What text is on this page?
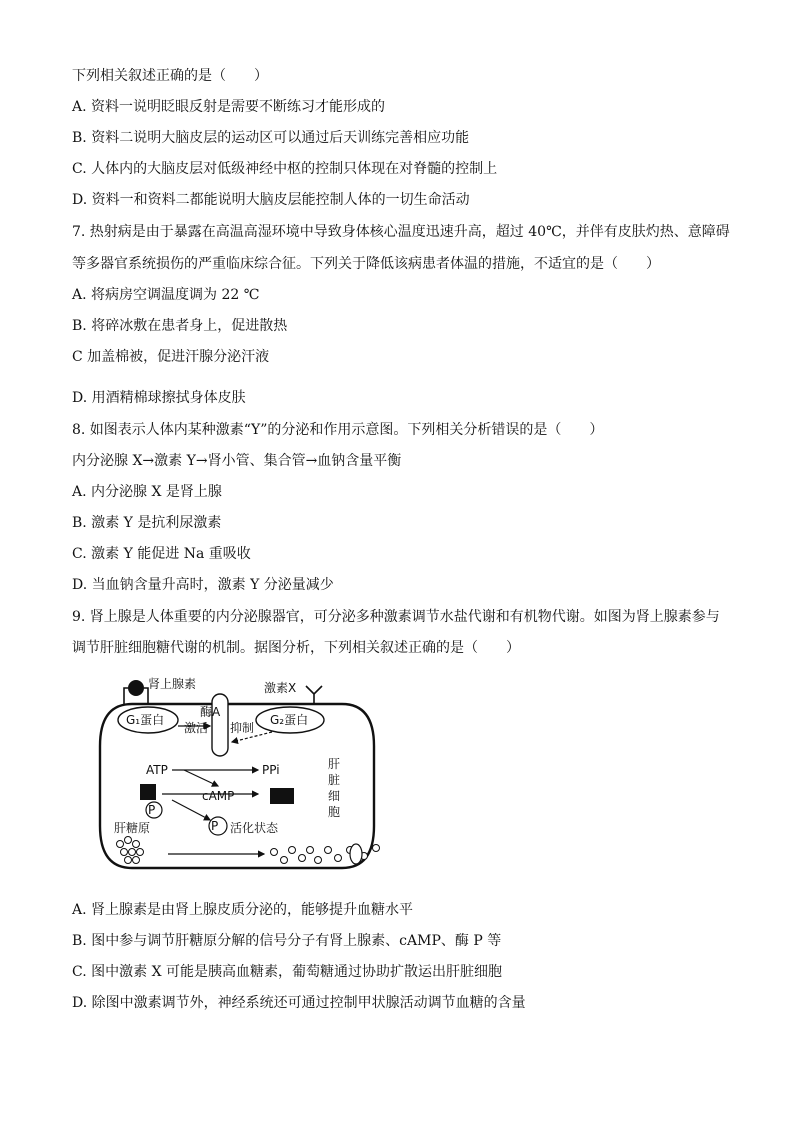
下列相关叙述正确的是（　　）
A. 资料一说明眨眼反射是需要不断练习才能形成的
B. 资料二说明大脑皮层的运动区可以通过后天训练完善相应功能
C. 人体内的大脑皮层对低级神经中枢的控制只体现在对脊髓的控制上
D. 资料一和资料二都能说明大脑皮层能控制人体的一切生命活动
7. 热射病是由于暴露在高温高湿环境中导致身体核心温度迅速升高，超过 40℃，并伴有皮肤灼热、意障碍
等多器官系统损伤的严重临床综合征。下列关于降低该病患者体温的措施，不适宜的是（　　）
A. 将病房空调温度调为 22 ℃
B. 将碎冰敷在患者身上，促进散热
C 加盖棉被，促进汗腺分泌汗液
D. 用酒精棉球擦拭身体皮肤
8. 如图表示人体内某种激素“Y”的分泌和作用示意图。下列相关分析错误的是（　　）
内分泌腺 X→激素 Y→肾小管、集合管→血钠含量平衡
A. 内分泌腺 X 是肾上腺
B. 激素 Y 是抗利尿激素
C. 激素 Y 能促进 Na 重吸收
D. 当血钠含量升高时，激素 Y 分泌量减少
9. 肾上腺是人体重要的内分泌腺器官，可分泌多种激素调节水盐代谢和有机物代谢。如图为肾上腺素参与
调节肝脏细胞糖代谢的机制。据图分析，下列相关叙述正确的是（　　）
肾上腺素	激素X
G₁蛋白	G₂蛋白
酶A
激活 抑制
ATP	PPi
cAMP
P
P 活化状态
肝糖原
肝
脏
细
胞
A. 肾上腺素是由肾上腺皮质分泌的，能够提升血糖水平
B. 图中参与调节肝糖原分解的信号分子有肾上腺素、cAMP、酶 P 等
C. 图中激素 X 可能是胰高血糖素，葡萄糖通过协助扩散运出肝脏细胞
D. 除图中激素调节外，神经系统还可通过控制甲状腺活动调节血糖的含量
